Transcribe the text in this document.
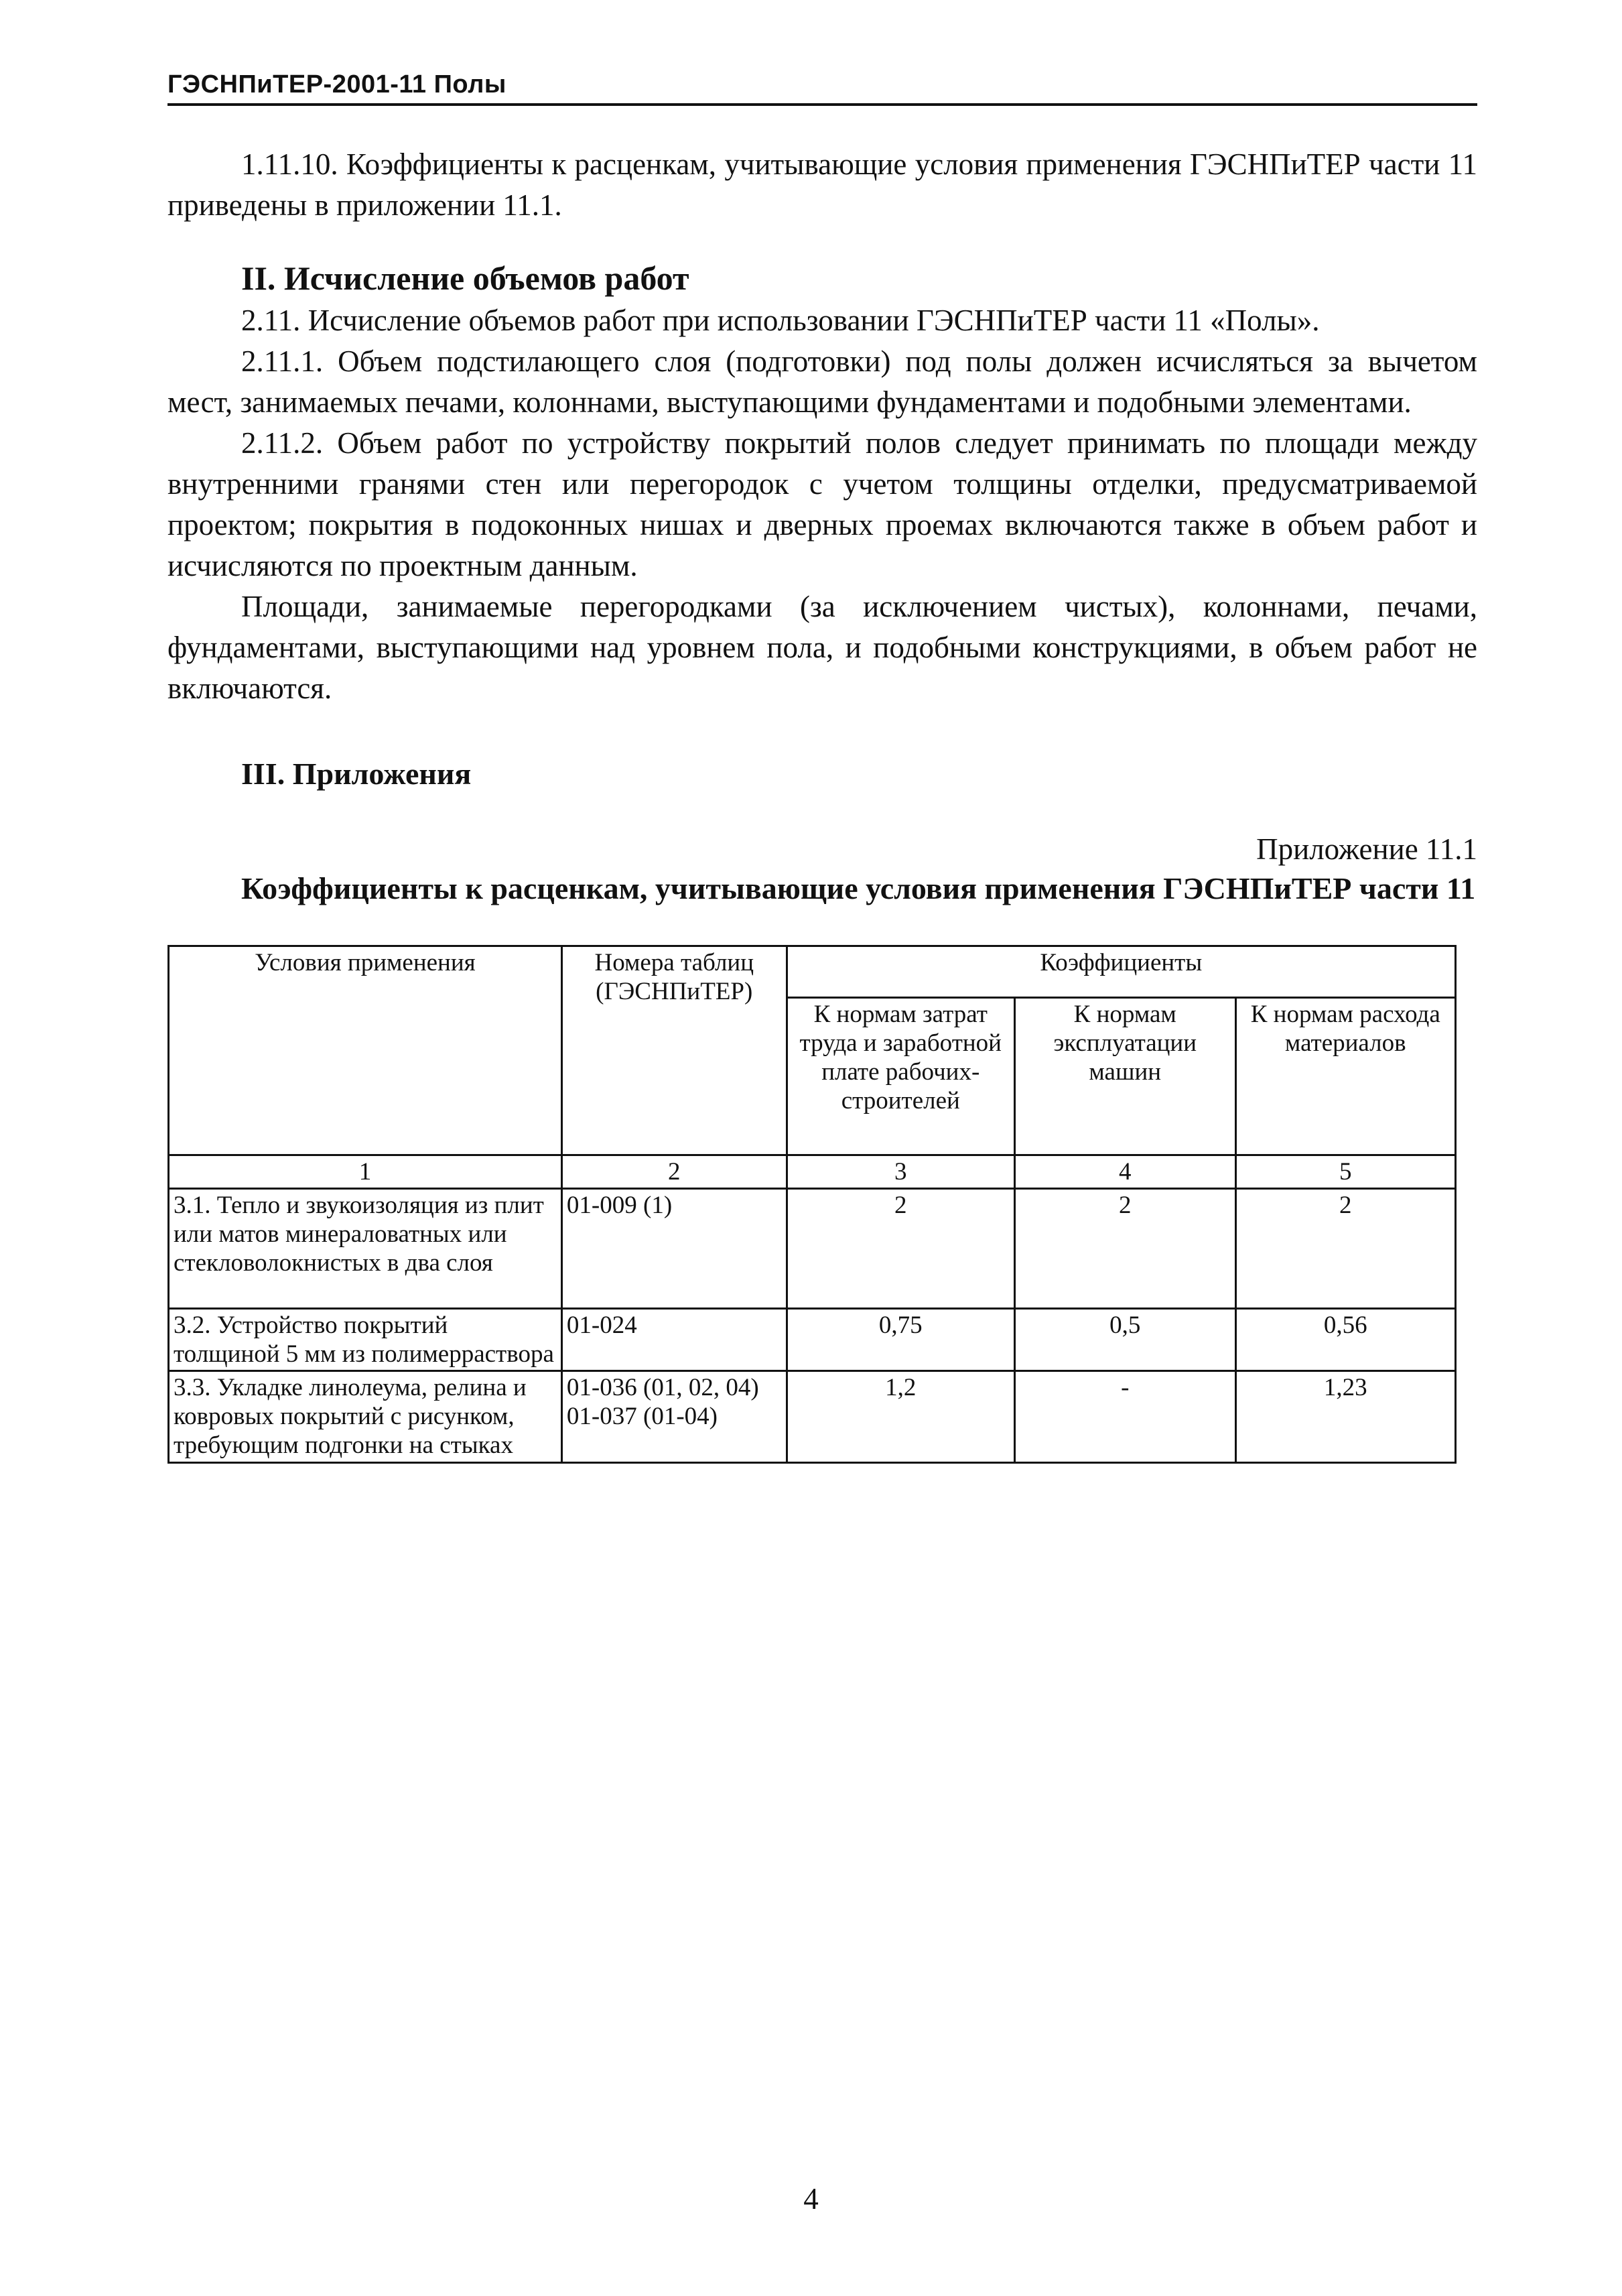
ГЭСНПиТЕР-2001-11 Полы

1.11.10. Коэффициенты к расценкам, учитывающие условия применения ГЭСНПиТЕР части 11 приведены в приложении 11.1.

II. Исчисление объемов работ

2.11. Исчисление объемов работ при использовании ГЭСНПиТЕР части 11 «Полы».

2.11.1. Объем подстилающего слоя (подготовки) под полы должен исчисляться за вычетом мест, занимаемых печами, колоннами, выступающими фундаментами и подобными элементами.

2.11.2. Объем работ по устройству покрытий полов следует принимать по площади между внутренними гранями стен или перегородок с учетом толщины отделки, предусматриваемой проектом; покрытия в подоконных нишах и дверных проемах включаются также в объем работ и исчисляются по проектным данным.

Площади, занимаемые перегородками (за исключением чистых), колоннами, печами, фундаментами, выступающими над уровнем пола, и подобными конструкциями, в объем работ не включаются.

III. Приложения
Приложение 11.1

Коэффициенты к расценкам, учитывающие условия применения ГЭСНПиТЕР части 11

Условия применения	Номера таблиц (ГЭСНПиТЕР)	Коэффициенты		
		К нормам затрат труда и заработной плате рабочих-строителей	К нормам эксплуатации машин	К нормам расхода материалов
1	2	3	4	5
3.1. Тепло и звукоизоляция из плит или матов минераловатных или стекловолокнистых в два слоя	01-009 (1)	2	2	2
3.2. Устройство покрытий толщиной 5 мм из полимерраствора	01-024	0,75	0,5	0,56
3.3. Укладке линолеума, релина и ковровых покрытий с рисунком, требующим подгонки на стыках	01-036 (01, 02, 04) 01-037 (01-04)	1,2	-	1,23
4
